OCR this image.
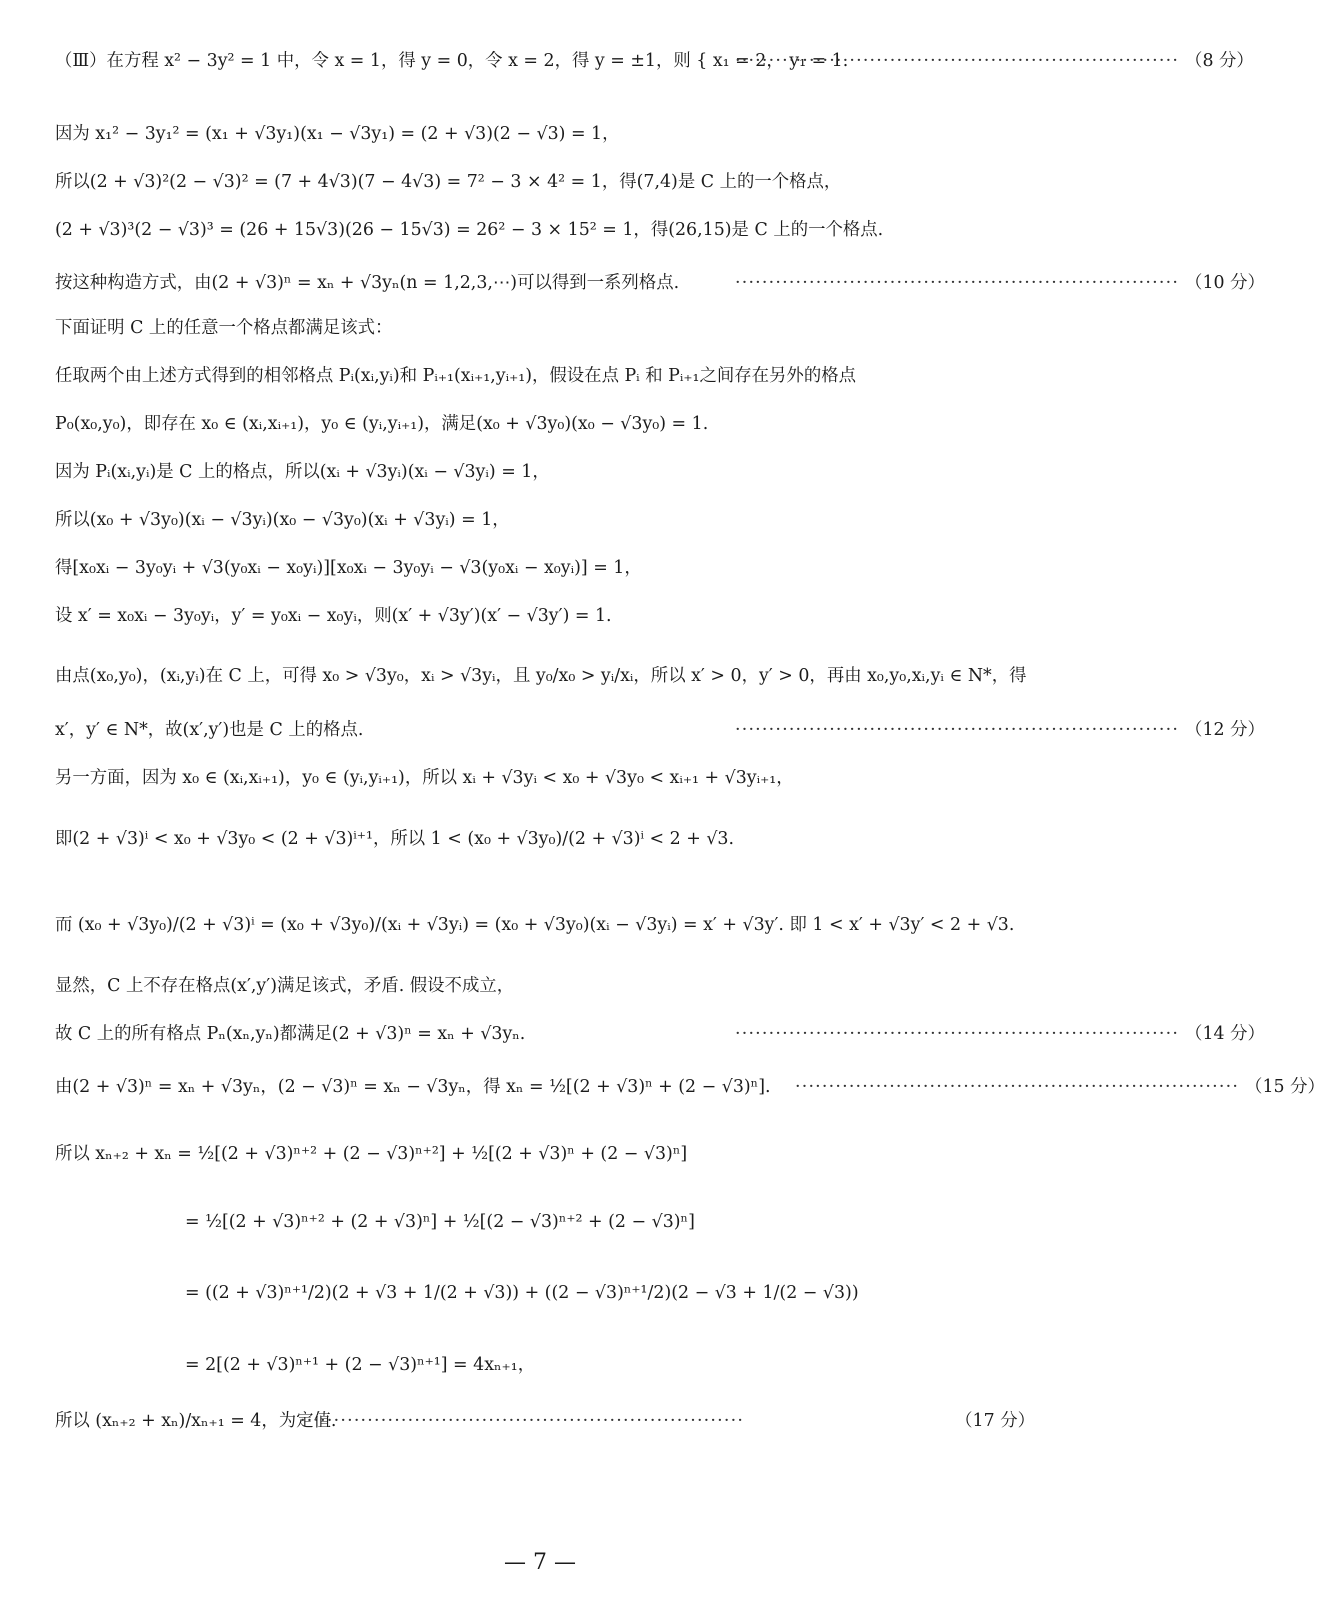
（Ⅲ）在方程 x² − 3y² = 1 中，令 x = 1，得 y = 0，令 x = 2，得 y = ±1，则 { x₁ = 2， y₁ = 1.
因为 x₁² − 3y₁² = (x₁ + √3y₁)(x₁ − √3y₁) = (2 + √3)(2 − √3) = 1，
所以(2 + √3)²(2 − √3)² = (7 + 4√3)(7 − 4√3) = 7² − 3 × 4² = 1，得(7,4)是 C 上的一个格点，
(2 + √3)³(2 − √3)³ = (26 + 15√3)(26 − 15√3) = 26² − 3 × 15² = 1，得(26,15)是 C 上的一个格点.
按这种构造方式，由(2 + √3)ⁿ = xₙ + √3yₙ(n = 1,2,3,⋯)可以得到一系列格点.
下面证明 C 上的任意一个格点都满足该式：
任取两个由上述方式得到的相邻格点 Pᵢ(xᵢ,yᵢ)和 Pᵢ₊₁(xᵢ₊₁,yᵢ₊₁)，假设在点 Pᵢ 和 Pᵢ₊₁之间存在另外的格点
P₀(x₀,y₀)，即存在 x₀ ∈ (xᵢ,xᵢ₊₁)，y₀ ∈ (yᵢ,yᵢ₊₁)，满足(x₀ + √3y₀)(x₀ − √3y₀) = 1.
因为 Pᵢ(xᵢ,yᵢ)是 C 上的格点，所以(xᵢ + √3yᵢ)(xᵢ − √3yᵢ) = 1，
所以(x₀ + √3y₀)(xᵢ − √3yᵢ)(x₀ − √3y₀)(xᵢ + √3yᵢ) = 1，
得[x₀xᵢ − 3y₀yᵢ + √3(y₀xᵢ − x₀yᵢ)][x₀xᵢ − 3y₀yᵢ − √3(y₀xᵢ − x₀yᵢ)] = 1，
设 x′ = x₀xᵢ − 3y₀yᵢ，y′ = y₀xᵢ − x₀yᵢ，则(x′ + √3y′)(x′ − √3y′) = 1.
由点(x₀,y₀)，(xᵢ,yᵢ)在 C 上，可得 x₀ > √3y₀，xᵢ > √3yᵢ，且 y₀/x₀ > yᵢ/xᵢ，所以 x′ > 0，y′ > 0，再由 x₀,y₀,xᵢ,yᵢ ∈ N*，得
x′，y′ ∈ N*，故(x′,y′)也是 C 上的格点.
另一方面，因为 x₀ ∈ (xᵢ,xᵢ₊₁)，y₀ ∈ (yᵢ,yᵢ₊₁)，所以 xᵢ + √3yᵢ < x₀ + √3y₀ < xᵢ₊₁ + √3yᵢ₊₁，
即(2 + √3)ⁱ < x₀ + √3y₀ < (2 + √3)ⁱ⁺¹，所以 1 < (x₀ + √3y₀)/(2 + √3)ⁱ < 2 + √3.
而 (x₀ + √3y₀)/(2 + √3)ⁱ = (x₀ + √3y₀)/(xᵢ + √3yᵢ) = (x₀ + √3y₀)(xᵢ − √3yᵢ) = x′ + √3y′. 即 1 < x′ + √3y′ < 2 + √3.
显然，C 上不存在格点(x′,y′)满足该式，矛盾. 假设不成立，
故 C 上的所有格点 Pₙ(xₙ,yₙ)都满足(2 + √3)ⁿ = xₙ + √3yₙ.
由(2 + √3)ⁿ = xₙ + √3yₙ，(2 − √3)ⁿ = xₙ − √3yₙ，得 xₙ = ½[(2 + √3)ⁿ + (2 − √3)ⁿ].
所以 xₙ₊₂ + xₙ = ½[(2 + √3)ⁿ⁺² + (2 − √3)ⁿ⁺²] + ½[(2 + √3)ⁿ + (2 − √3)ⁿ]
= ½[(2 + √3)ⁿ⁺² + (2 + √3)ⁿ] + ½[(2 − √3)ⁿ⁺² + (2 − √3)ⁿ]
= ((2 + √3)ⁿ⁺¹/2)(2 + √3 + 1/(2 + √3)) + ((2 − √3)ⁿ⁺¹/2)(2 − √3 + 1/(2 − √3))
= 2[(2 + √3)ⁿ⁺¹ + (2 − √3)ⁿ⁺¹] = 4xₙ₊₁，
所以 (xₙ₊₂ + xₙ)/xₙ₊₁ = 4，为定值.
·································································· （8 分）
·································································· （10 分）
·································································· （12 分）
·································································· （14 分）
·································································· （15 分）
··································································	（17 分）
— 7 —
